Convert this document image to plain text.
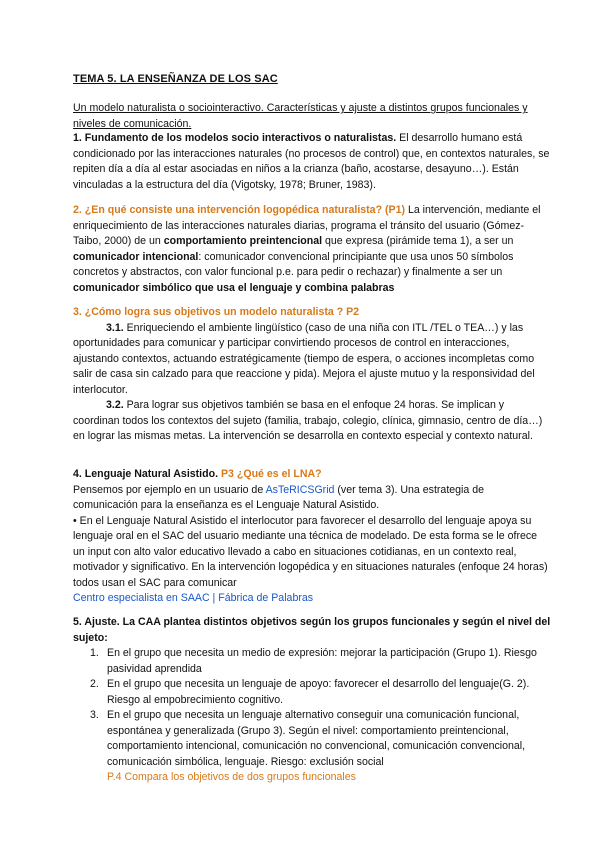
TEMA 5. LA ENSEÑANZA DE LOS SAC
Un modelo naturalista o sociointeractivo. Características y ajuste a distintos grupos funcionales y niveles de comunicación.

1. Fundamento de los modelos socio interactivos o naturalistas. El desarrollo humano está condicionado por las interacciones naturales (no procesos de control) que, en contextos naturales, se repiten día a día al estar asociadas en niños a la crianza (baño, acostarse, desayuno…). Están vinculadas a la estructura del día (Vigotsky, 1978; Bruner, 1983).

2. ¿En qué consiste una intervención logopédica naturalista? (P1) La intervención, mediante el enriquecimiento de las interacciones naturales diarias, programa el tránsito del usuario (Gómez-Taibo, 2000) de un comportamiento preintencional que expresa (pirámide tema 1), a ser un comunicador intencional: comunicador convencional principiante que usa unos 50 símbolos concretos y abstractos, con valor funcional p.e. para pedir o rechazar) y finalmente a ser un comunicador simbólico que usa el lenguaje y combina palabras

3. ¿Cómo logra sus objetivos un modelo naturalista ? P2

3.1. Enriqueciendo el ambiente lingüístico (caso de una niña con ITL /TEL o TEA…) y las oportunidades para comunicar y participar convirtiendo procesos de control en interacciones, ajustando contextos, actuando estratégicamente (tiempo de espera, o acciones incompletas como salir de casa sin calzado para que reaccione y pida). Mejora el ajuste mutuo y la responsividad del interlocutor.

3.2. Para lograr sus objetivos también se basa en el enfoque 24 horas. Se implican y coordinan todos los contextos del sujeto (familia, trabajo, colegio, clínica, gimnasio, centro de día…) en lograr las mismas metas. La intervención se desarrolla en contexto especial y contexto natural.

4. Lenguaje Natural Asistido. P3 ¿Qué es el LNA?

Pensemos por ejemplo en un usuario de AsTeRICSGrid (ver tema 3). Una estrategia de comunicación para la enseñanza es el Lenguaje Natural Asistido.

• En el Lenguaje Natural Asistido el interlocutor para favorecer el desarrollo del lenguaje apoya su lenguaje oral en el SAC del usuario mediante una técnica de modelado. De esta forma se le ofrece un input con alto valor educativo llevado a cabo en situaciones cotidianas, en un contexto real, motivador y significativo. En la intervención logopédica y en situaciones naturales (enfoque 24 horas) todos usan el SAC para comunicar

Centro especialista en SAAC | Fábrica de Palabras

5. Ajuste. La CAA plantea distintos objetivos según los grupos funcionales y según el nivel del sujeto:

1. En el grupo que necesita un medio de expresión: mejorar la participación (Grupo 1). Riesgo pasividad aprendida
2. En el grupo que necesita un lenguaje de apoyo: favorecer el desarrollo del lenguaje(G. 2). Riesgo al empobrecimiento cognitivo.
3. En el grupo que necesita un lenguaje alternativo conseguir una comunicación funcional, espontánea y generalizada (Grupo 3). Según el nivel: comportamiento preintencional, comportamiento intencional, comunicación no convencional, comunicación convencional, comunicación simbólica, lenguaje. Riesgo: exclusión social

P.4 Compara los objetivos de dos grupos funcionales
